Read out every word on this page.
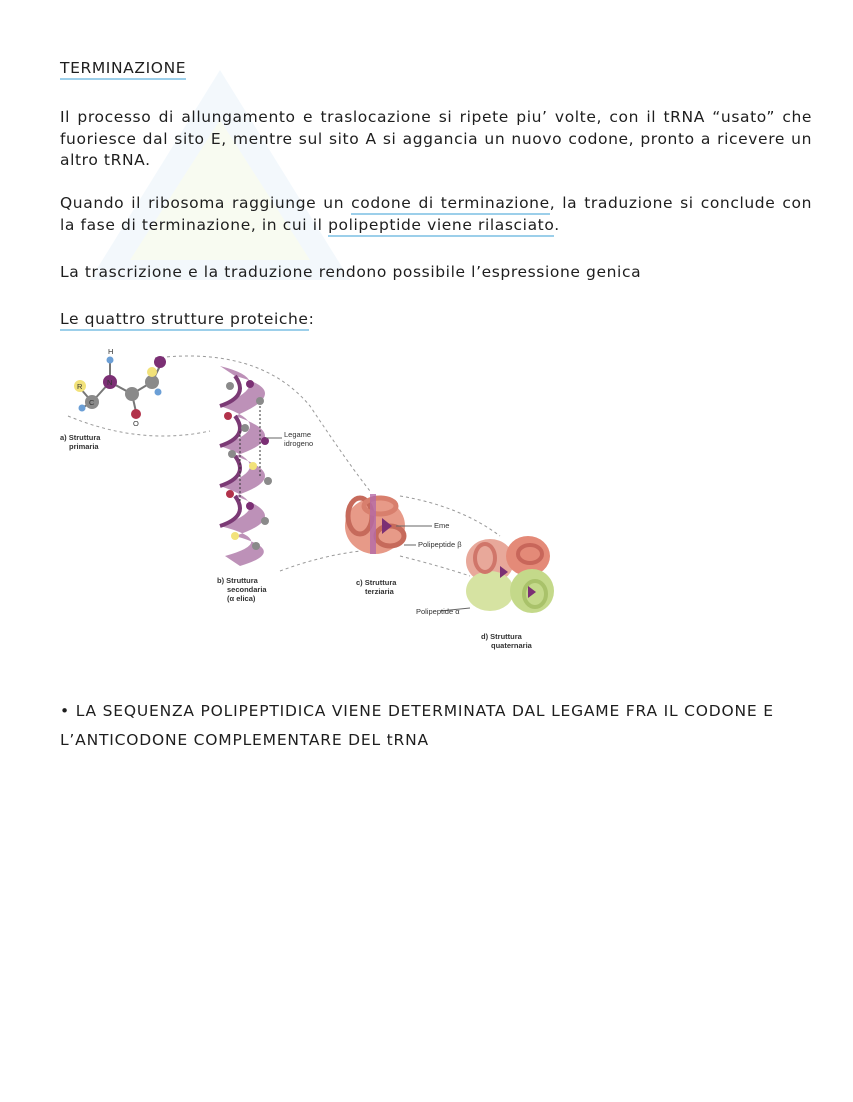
TERMINAZIONE
Il processo di allungamento e traslocazione si ripete piu’ volte, con il tRNA “usato” che fuoriesce dal sito E, mentre sul sito A si aggancia un nuovo codone, pronto a ricevere un altro tRNA.
Quando il ribosoma raggiunge un codone di terminazione, la traduzione si conclude con la fase di terminazione, in cui il polipeptide viene rilasciato.
La trascrizione e la traduzione rendono possibile l’espressione genica
Le quattro strutture proteiche:
R
C
N
H
O
a) Struttura
primaria
Legame
idrogeno
b) Struttura
secondaria
(α elica)
Eme
Polipeptide β
c) Struttura
terziaria
Polipeptide α
d) Struttura
quaternaria
• LA SEQUENZA POLIPEPTIDICA VIENE DETERMINATA DAL LEGAME FRA IL CODONE E L’ANTICODONE COMPLEMENTARE DEL tRNA
